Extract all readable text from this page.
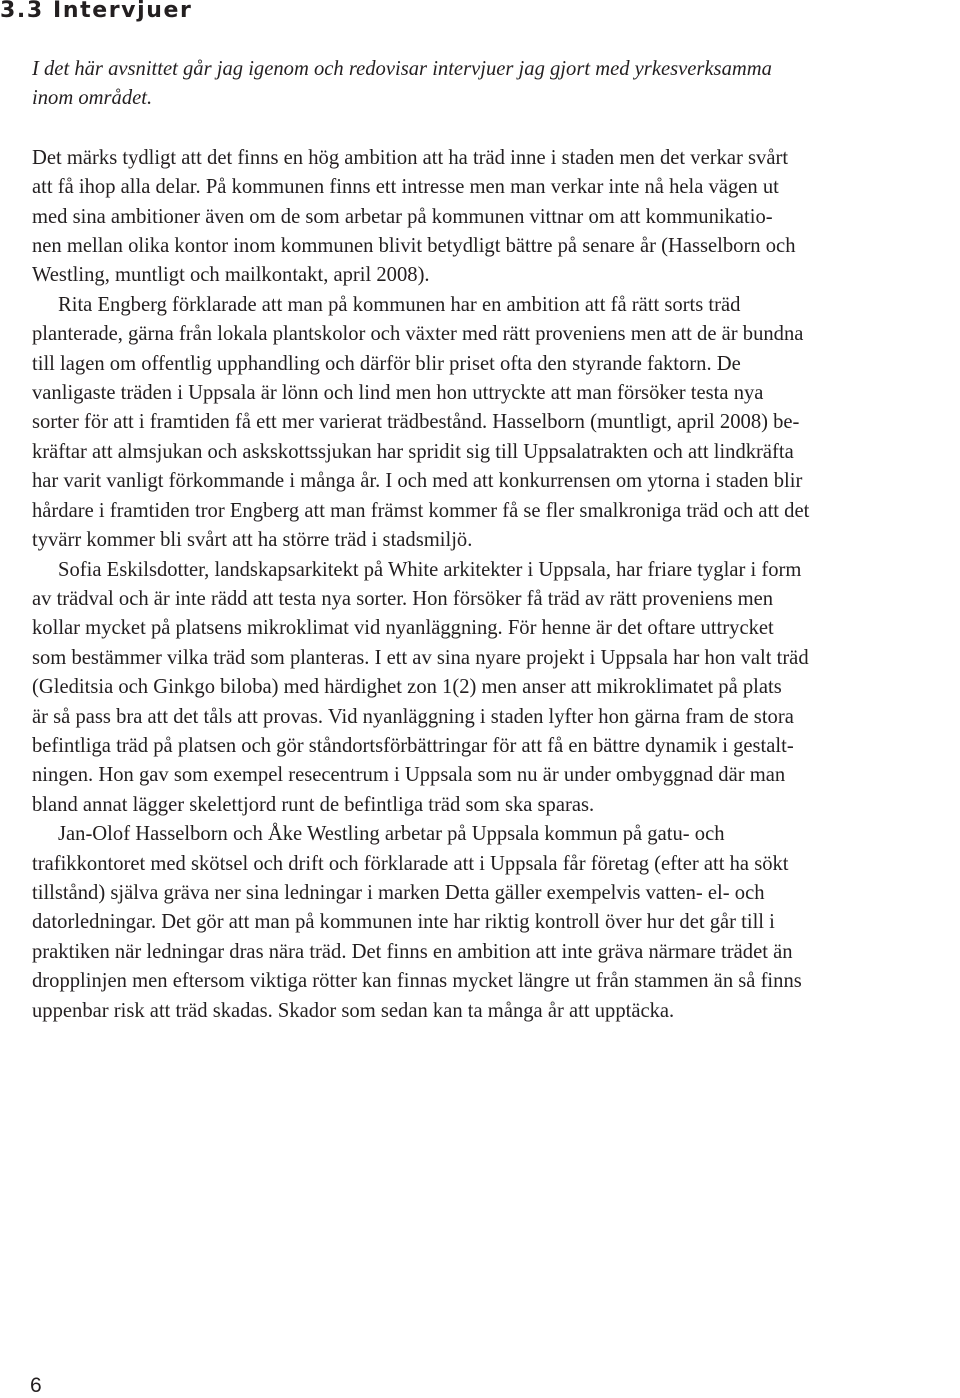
3.3 Intervjuer

I det här avsnittet går jag igenom och redovisar intervjuer jag gjort med yrkesverksamma
inom området.

Det märks tydligt att det finns en hög ambition att ha träd inne i staden men det verkar svårt
att få ihop alla delar. På kommunen finns ett intresse men man verkar inte nå hela vägen ut
med sina ambitioner även om de som arbetar på kommunen vittnar om att kommunikatio-
nen mellan olika kontor inom kommunen blivit betydligt bättre på senare år (Hasselborn och
Westling, muntligt och mailkontakt, april 2008).

Rita Engberg förklarade att man på kommunen har en ambition att få rätt sorts träd
planterade, gärna från lokala plantskolor och växter med rätt proveniens men att de är bundna
till lagen om offentlig upphandling och därför blir priset ofta den styrande faktorn. De
vanligaste träden i Uppsala är lönn och lind men hon uttryckte att man försöker testa nya
sorter för att i framtiden få ett mer varierat trädbestånd. Hasselborn (muntligt, april 2008) be-
kräftar att almsjukan och askskottssjukan har spridit sig till Uppsalatrakten och att lindkräfta
har varit vanligt förkommande i många år. I och med att konkurrensen om ytorna i staden blir
hårdare i framtiden tror Engberg att man främst kommer få se fler smalkroniga träd och att det
tyvärr kommer bli svårt att ha större träd i stadsmiljö.

Sofia Eskilsdotter, landskapsarkitekt på White arkitekter i Uppsala, har friare tyglar i form
av trädval och är inte rädd att testa nya sorter. Hon försöker få träd av rätt proveniens men
kollar mycket på platsens mikroklimat vid nyanläggning. För henne är det oftare uttrycket
som bestämmer vilka träd som planteras. I ett av sina nyare projekt i Uppsala har hon valt träd
(Gleditsia och Ginkgo biloba) med härdighet zon 1(2) men anser att mikroklimatet på plats
är så pass bra att det tåls att provas. Vid nyanläggning i staden lyfter hon gärna fram de stora
befintliga träd på platsen och gör ståndortsförbättringar för att få en bättre dynamik i gestalt-
ningen. Hon gav som exempel resecentrum i Uppsala som nu är under ombyggnad där man
bland annat lägger skelettjord runt de befintliga träd som ska sparas.

Jan-Olof Hasselborn och Åke Westling arbetar på Uppsala kommun på gatu- och
trafikkontoret med skötsel och drift och förklarade att i Uppsala får företag (efter att ha sökt
tillstånd) själva gräva ner sina ledningar i marken Detta gäller exempelvis vatten- el- och
datorledningar. Det gör att man på kommunen inte har riktig kontroll över hur det går till i
praktiken när ledningar dras nära träd. Det finns en ambition att inte gräva närmare trädet än
dropplinjen men eftersom viktiga rötter kan finnas mycket längre ut från stammen än så finns
uppenbar risk att träd skadas. Skador som sedan kan ta många år att upptäcka.

6
